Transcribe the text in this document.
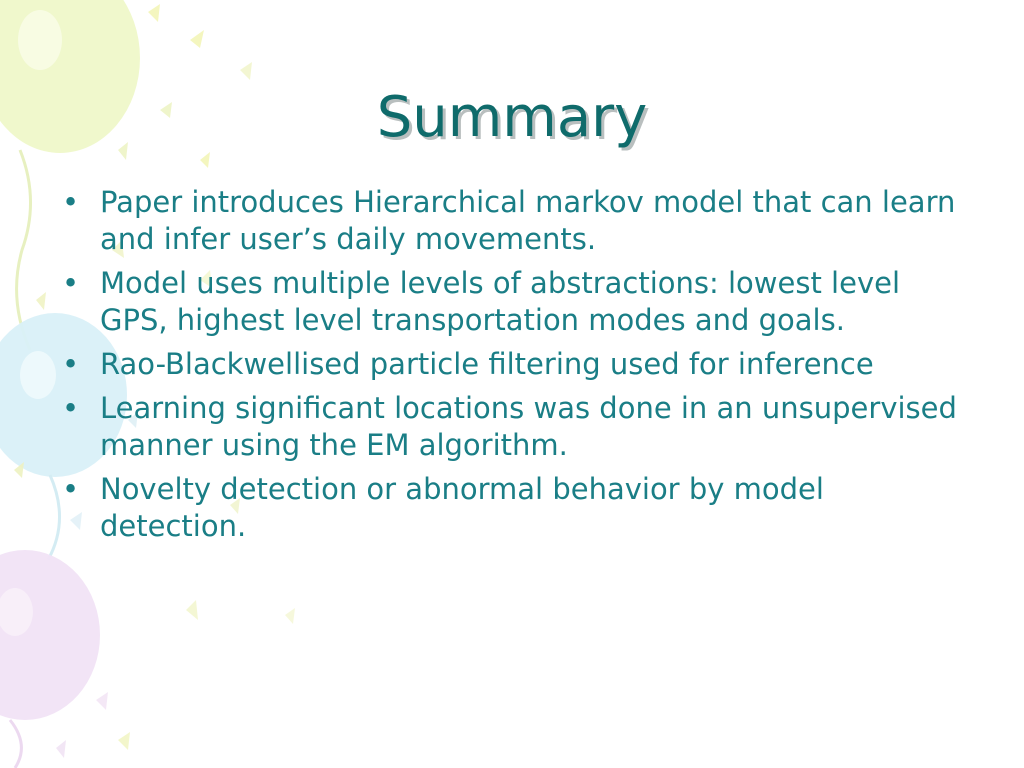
Summary
• Paper introduces Hierarchical markov model that can learn and infer user’s daily movements.
• Model uses multiple levels of abstractions: lowest level GPS, highest level transportation modes and goals.
• Rao-Blackwellised particle filtering used for inference
• Learning significant locations was done in an unsupervised manner using the EM algorithm.
• Novelty detection or abnormal behavior by model detection.
